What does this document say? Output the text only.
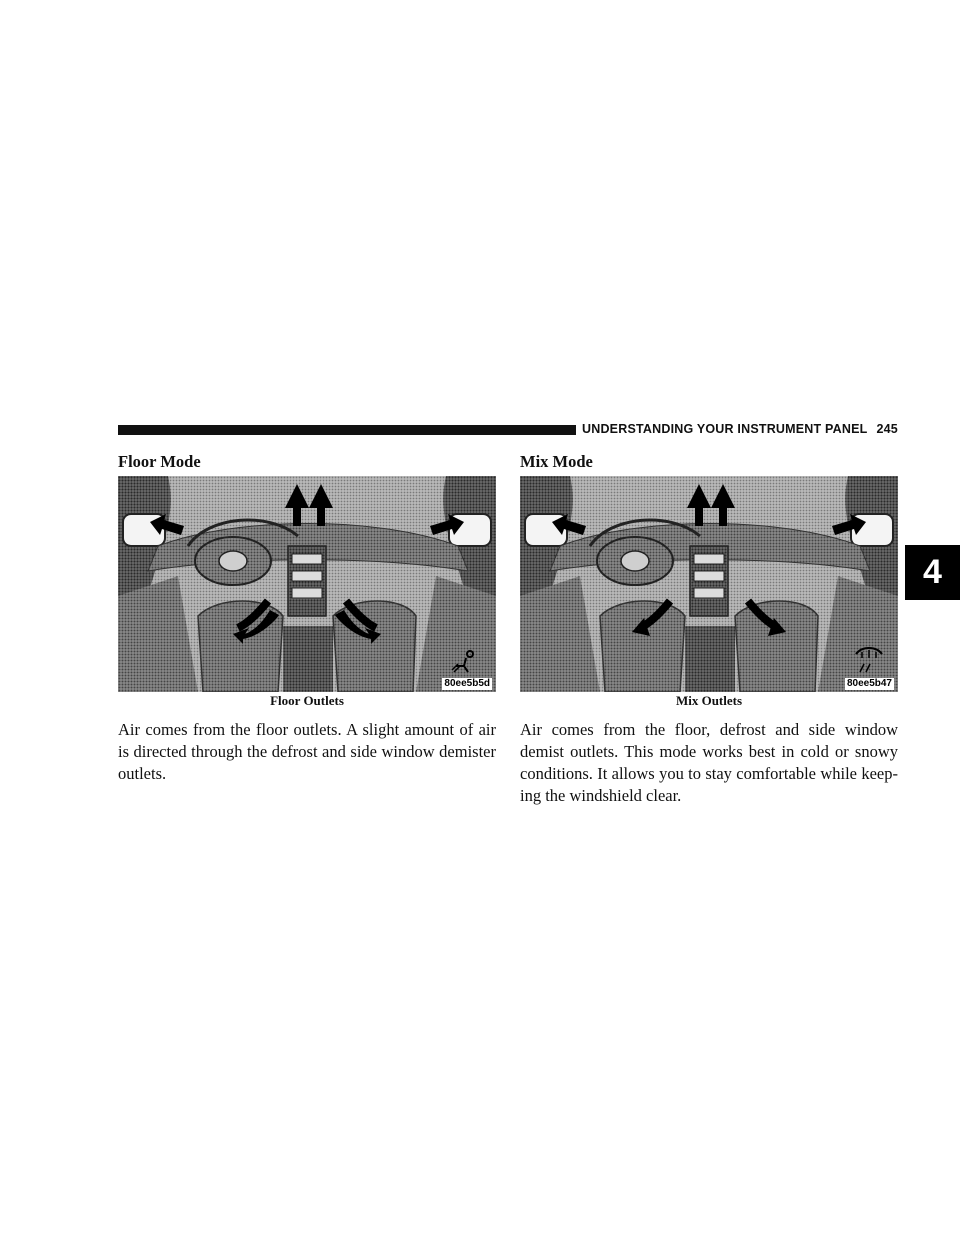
UNDERSTANDING YOUR INSTRUMENT PANEL 245
4
Floor Mode
80ee5b5d
Floor Outlets

Air comes from the floor outlets. A slight amount of air is directed through the defrost and side window demister outlets.

Mix Mode
80ee5b47
Mix Outlets

Air comes from the floor, defrost and side window demist outlets. This mode works best in cold or snowy conditions. It allows you to stay comfortable while keep-ing the windshield clear.
